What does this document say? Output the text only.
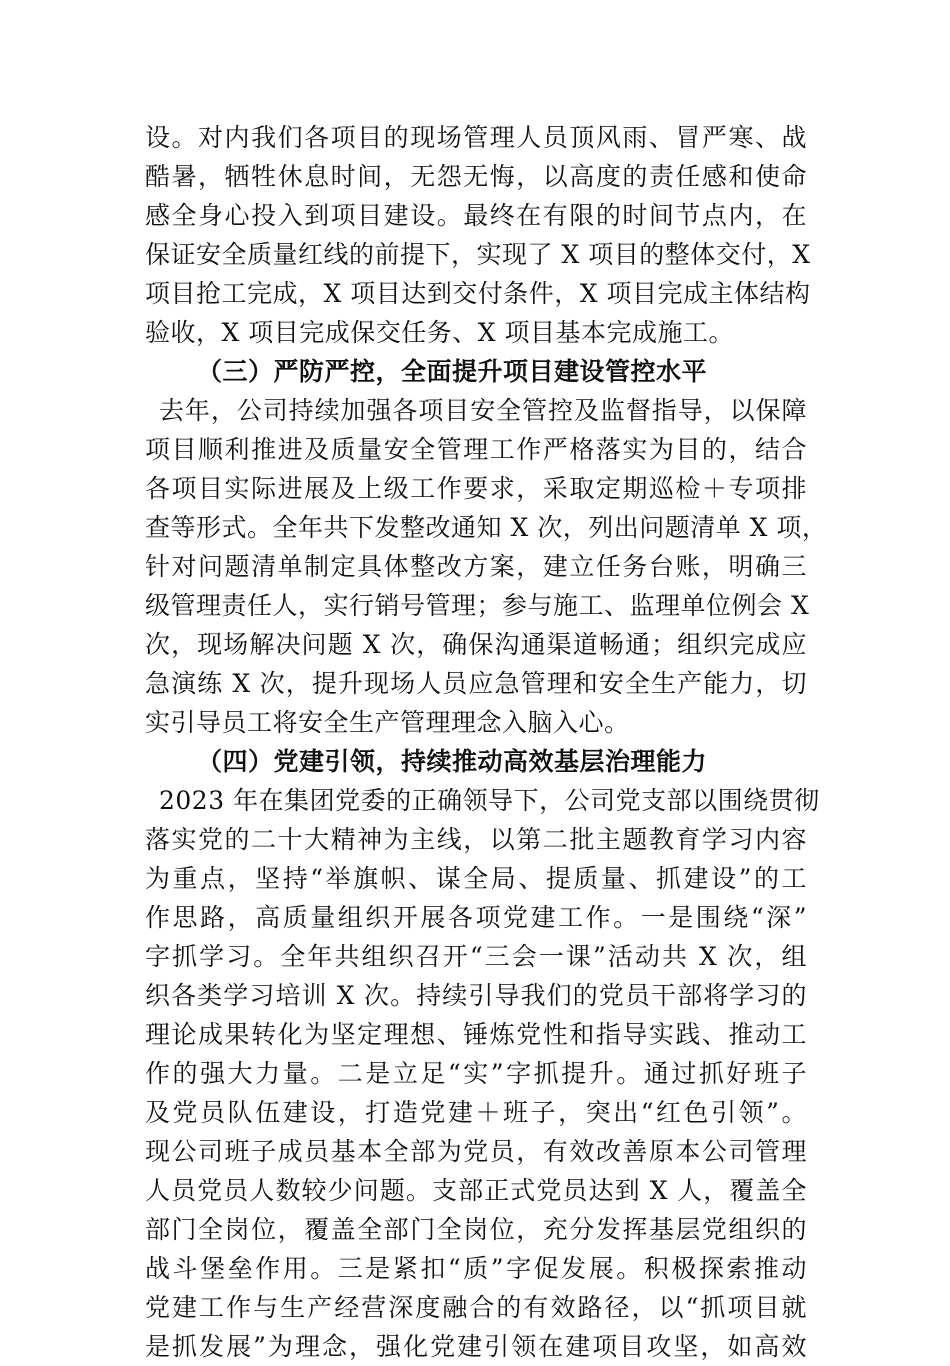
设。对内我们各项目的现场管理人员顶风雨、冒严寒、战
酷暑，牺牲休息时间，无怨无悔，以高度的责任感和使命
感全身心投入到项目建设。最终在有限的时间节点内，在
保证安全质量红线的前提下，实现了 X 项目的整体交付，X
项目抢工完成，X 项目达到交付条件，X 项目完成主体结构
验收，X 项目完成保交任务、X 项目基本完成施工。
（三）严防严控，全面提升项目建设管控水平
去年，公司持续加强各项目安全管控及监督指导，以保障
项目顺利推进及质量安全管理工作严格落实为目的，结合
各项目实际进展及上级工作要求，采取定期巡检＋专项排
查等形式。全年共下发整改通知 X 次，列出问题清单 X 项，
针对问题清单制定具体整改方案，建立任务台账，明确三
级管理责任人，实行销号管理；参与施工、监理单位例会 X
次，现场解决问题 X 次，确保沟通渠道畅通；组织完成应
急演练 X 次，提升现场人员应急管理和安全生产能力，切
实引导员工将安全生产管理理念入脑入心。
（四）党建引领，持续推动高效基层治理能力
2023 年在集团党委的正确领导下，公司党支部以围绕贯彻
落实党的二十大精神为主线，以第二批主题教育学习内容
为重点，坚持“举旗帜、谋全局、提质量、抓建设”的工
作思路，高质量组织开展各项党建工作。一是围绕“深”
字抓学习。全年共组织召开“三会一课”活动共 X 次，组
织各类学习培训 X 次。持续引导我们的党员干部将学习的
理论成果转化为坚定理想、锤炼党性和指导实践、推动工
作的强大力量。二是立足“实”字抓提升。通过抓好班子
及党员队伍建设，打造党建＋班子，突出“红色引领”。
现公司班子成员基本全部为党员，有效改善原本公司管理
人员党员人数较少问题。支部正式党员达到 X 人，覆盖全
部门全岗位，覆盖全部门全岗位，充分发挥基层党组织的
战斗堡垒作用。三是紧扣“质”字促发展。积极探索推动
党建工作与生产经营深度融合的有效路径，以“抓项目就
是抓发展”为理念，强化党建引领在建项目攻坚，如高效
